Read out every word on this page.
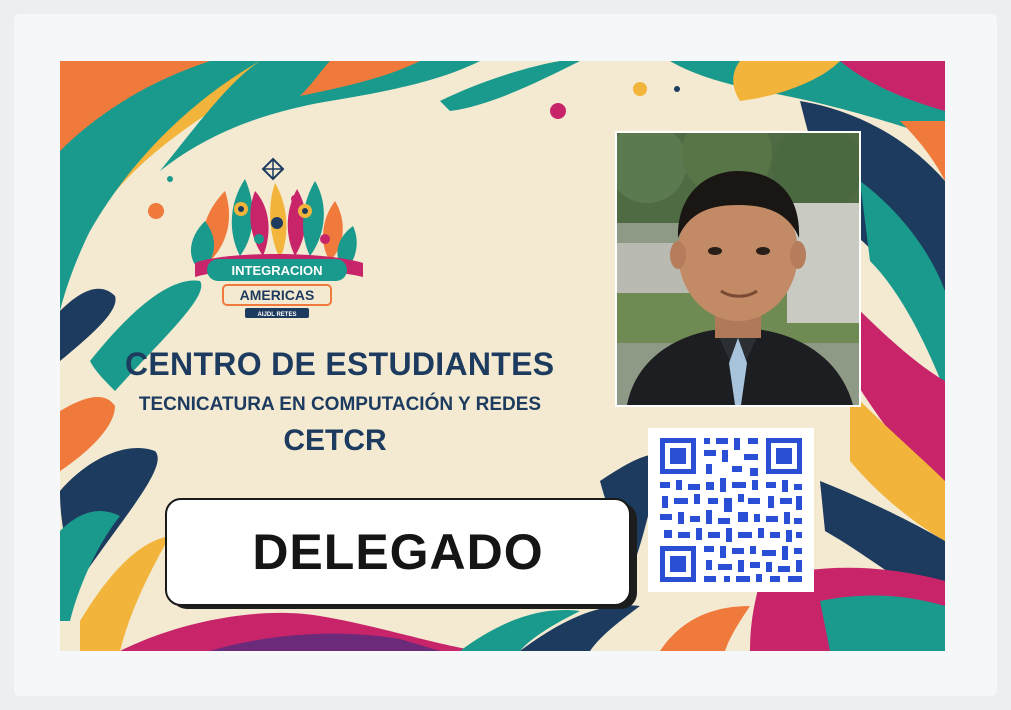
INTEGRACION
AMERICAS
AIJDL RETES
CENTRO DE ESTUDIANTES
TECNICATURA EN COMPUTACIÓN Y REDES
CETCR
DELEGADO
